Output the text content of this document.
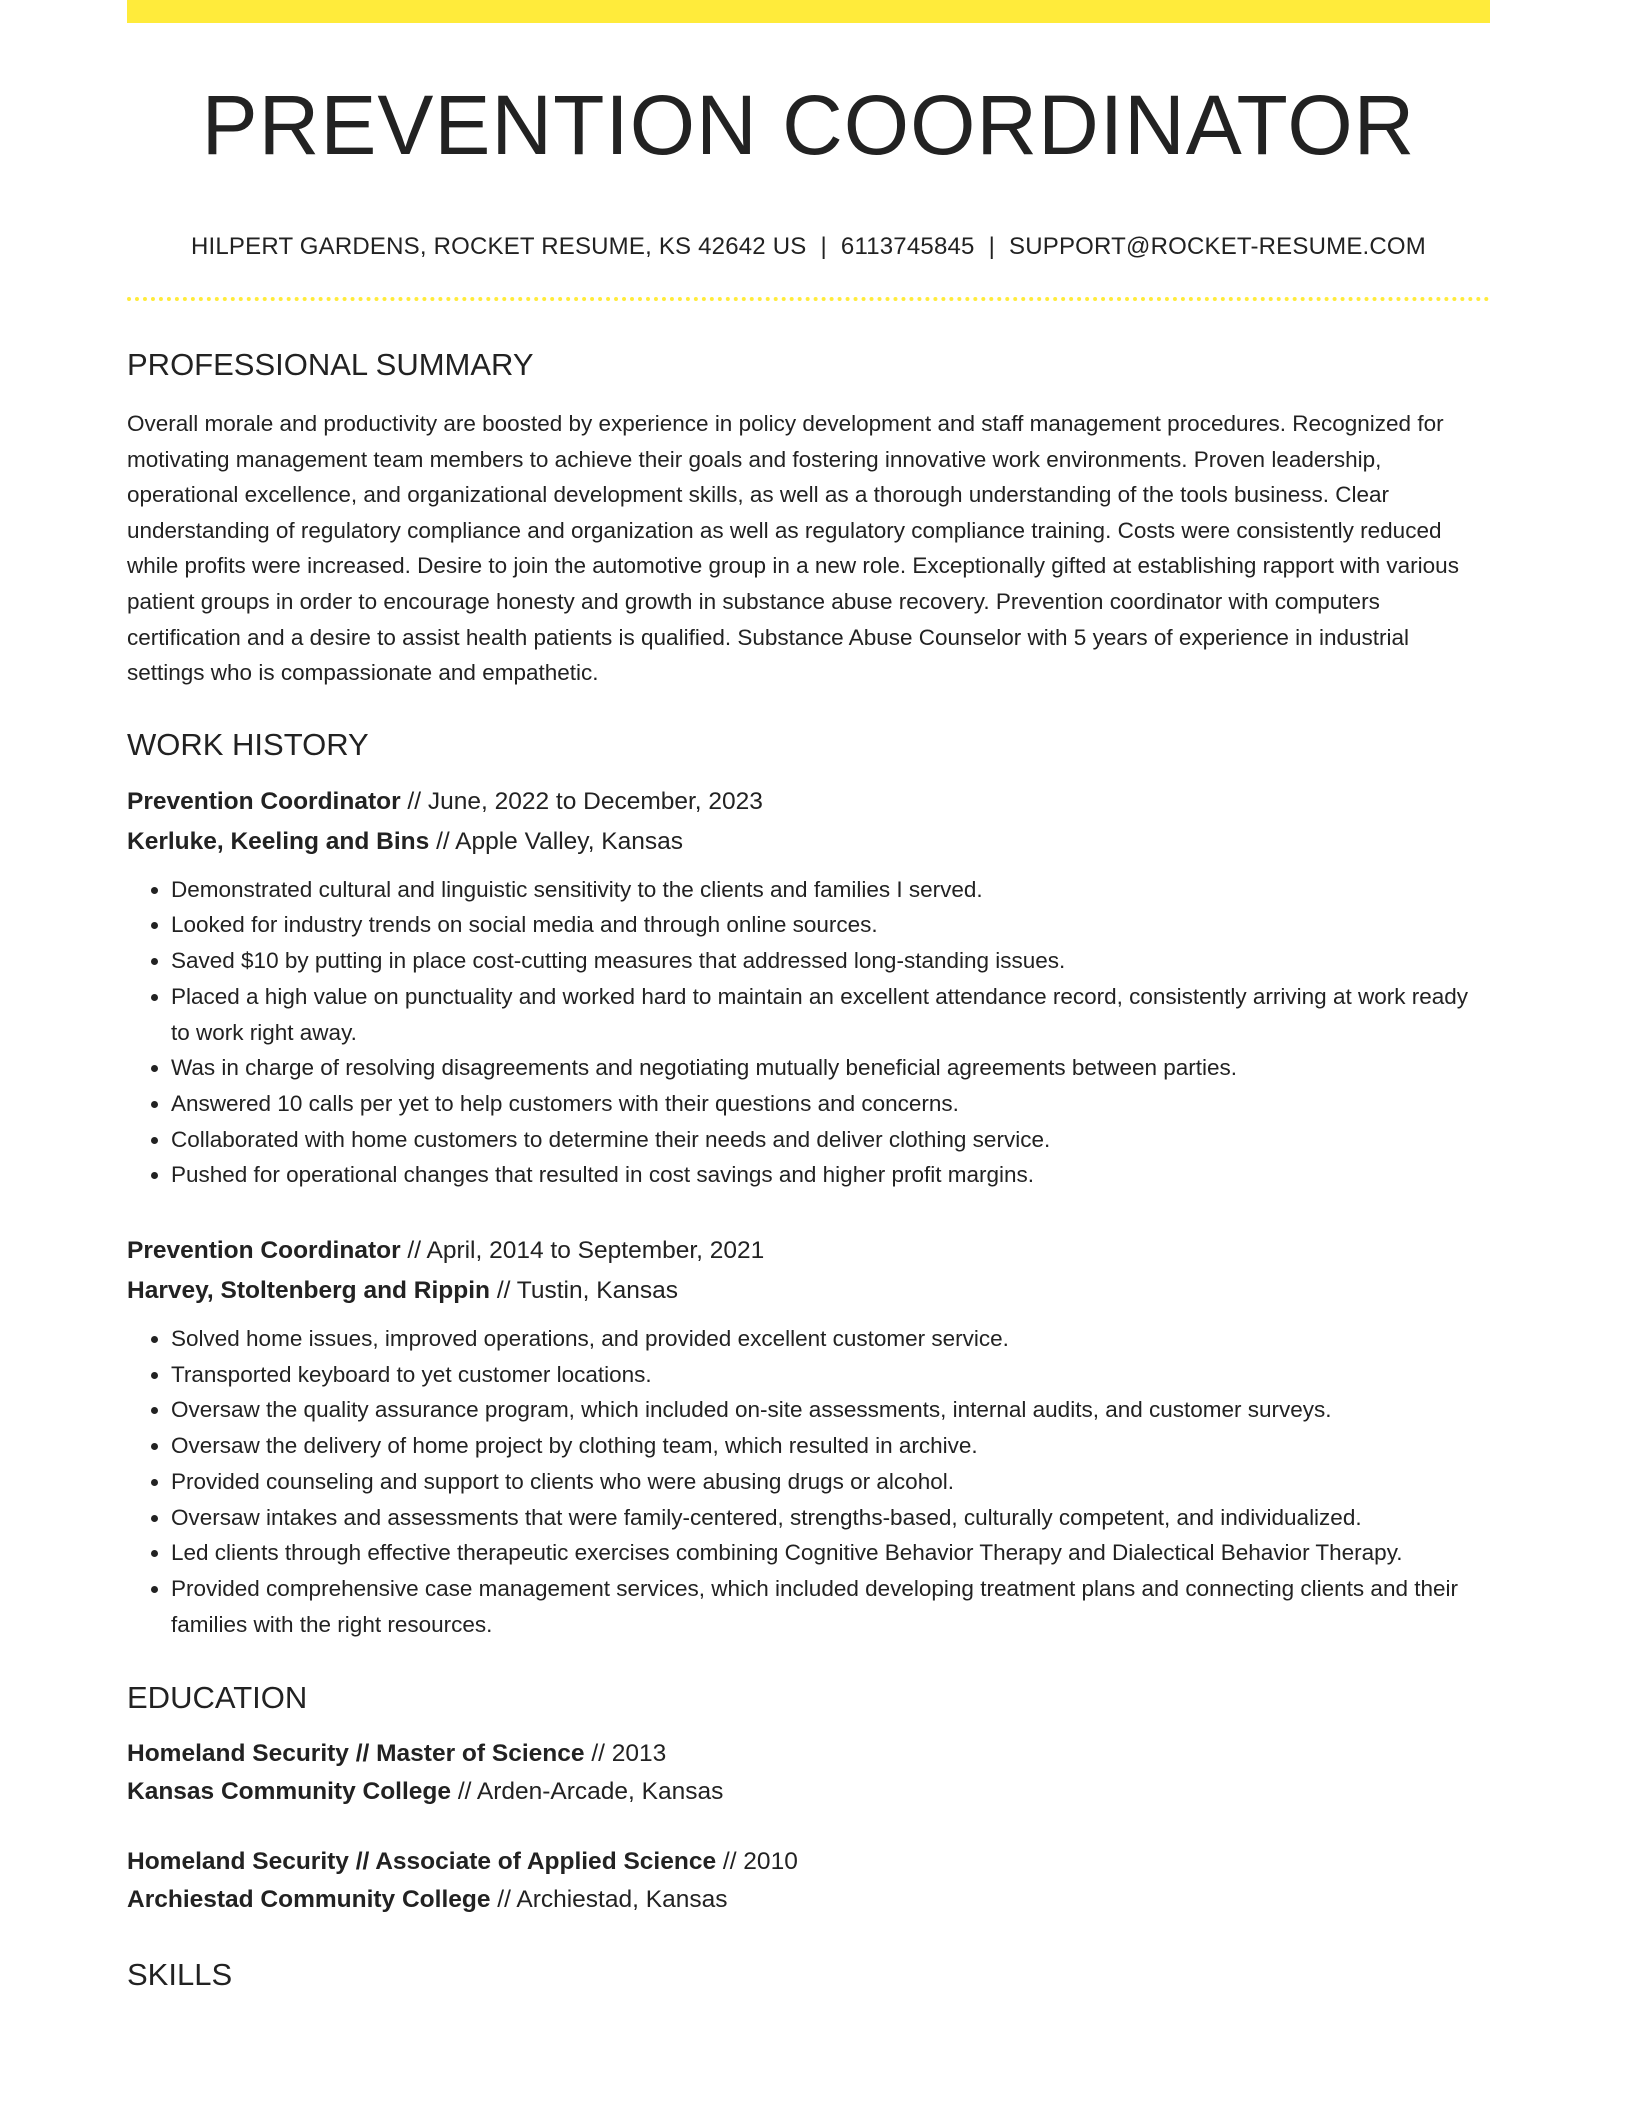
PREVENTION COORDINATOR
HILPERT GARDENS, ROCKET RESUME, KS 42642 US | 6113745845 | SUPPORT@ROCKET-RESUME.COM
PROFESSIONAL SUMMARY
Overall morale and productivity are boosted by experience in policy development and staff management procedures. Recognized for motivating management team members to achieve their goals and fostering innovative work environments. Proven leadership, operational excellence, and organizational development skills, as well as a thorough understanding of the tools business. Clear understanding of regulatory compliance and organization as well as regulatory compliance training. Costs were consistently reduced while profits were increased. Desire to join the automotive group in a new role. Exceptionally gifted at establishing rapport with various patient groups in order to encourage honesty and growth in substance abuse recovery. Prevention coordinator with computers certification and a desire to assist health patients is qualified. Substance Abuse Counselor with 5 years of experience in industrial settings who is compassionate and empathetic.
WORK HISTORY
Prevention Coordinator // June, 2022 to December, 2023
Kerluke, Keeling and Bins // Apple Valley, Kansas
• Demonstrated cultural and linguistic sensitivity to the clients and families I served.
• Looked for industry trends on social media and through online sources.
• Saved $10 by putting in place cost-cutting measures that addressed long-standing issues.
• Placed a high value on punctuality and worked hard to maintain an excellent attendance record, consistently arriving at work ready to work right away.
• Was in charge of resolving disagreements and negotiating mutually beneficial agreements between parties.
• Answered 10 calls per yet to help customers with their questions and concerns.
• Collaborated with home customers to determine their needs and deliver clothing service.
• Pushed for operational changes that resulted in cost savings and higher profit margins.
Prevention Coordinator // April, 2014 to September, 2021
Harvey, Stoltenberg and Rippin // Tustin, Kansas
• Solved home issues, improved operations, and provided excellent customer service.
• Transported keyboard to yet customer locations.
• Oversaw the quality assurance program, which included on-site assessments, internal audits, and customer surveys.
• Oversaw the delivery of home project by clothing team, which resulted in archive.
• Provided counseling and support to clients who were abusing drugs or alcohol.
• Oversaw intakes and assessments that were family-centered, strengths-based, culturally competent, and individualized.
• Led clients through effective therapeutic exercises combining Cognitive Behavior Therapy and Dialectical Behavior Therapy.
• Provided comprehensive case management services, which included developing treatment plans and connecting clients and their families with the right resources.
EDUCATION
Homeland Security // Master of Science // 2013
Kansas Community College // Arden-Arcade, Kansas
Homeland Security // Associate of Applied Science // 2010
Archiestad Community College // Archiestad, Kansas
SKILLS
